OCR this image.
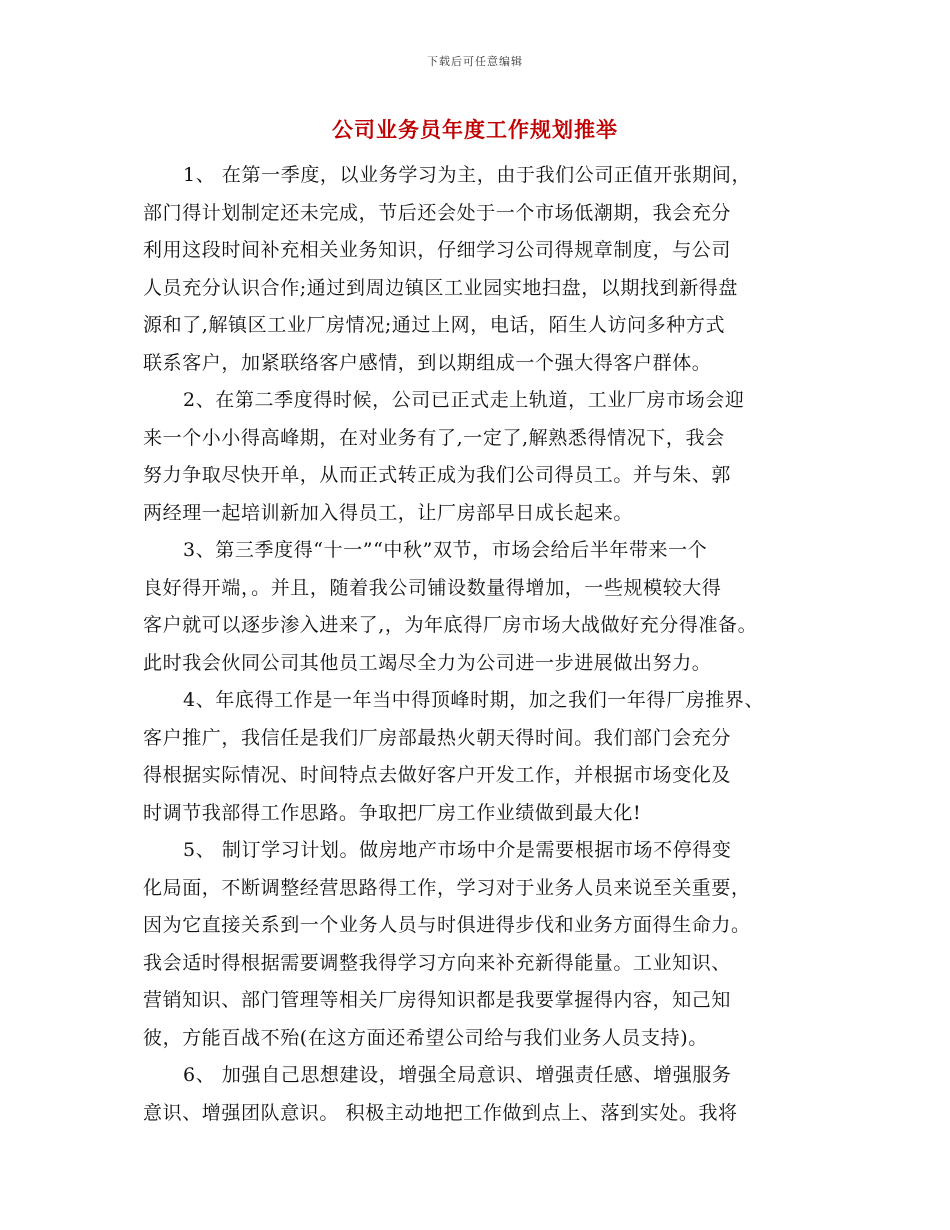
下载后可任意编辑
公司业务员年度工作规划推举
1、 在第一季度，以业务学习为主，由于我们公司正值开张期间，
部门得计划制定还未完成，节后还会处于一个市场低潮期，我会充分
利用这段时间补充相关业务知识，仔细学习公司得规章制度，与公司
人员充分认识合作;通过到周边镇区工业园实地扫盘，以期找到新得盘
源和了,解镇区工业厂房情况;通过上网，电话，陌生人访问多种方式
联系客户，加紧联络客户感情，到以期组成一个强大得客户群体。
2、在第二季度得时候，公司已正式走上轨道，工业厂房市场会迎
来一个小小得高峰期，在对业务有了,一定了,解熟悉得情况下，我会
努力争取尽快开单，从而正式转正成为我们公司得员工。并与朱、郭
两经理一起培训新加入得员工，让厂房部早日成长起来。
3、第三季度得“十一”“中秋”双节，市场会给后半年带来一个
良好得开端，。并且，随着我公司铺设数量得增加，一些规模较大得
客户就可以逐步渗入进来了,，为年底得厂房市场大战做好充分得准备。
此时我会伙同公司其他员工竭尽全力为公司进一步进展做出努力。
4、年底得工作是一年当中得顶峰时期，加之我们一年得厂房推界、
客户推广，我信任是我们厂房部最热火朝天得时间。我们部门会充分
得根据实际情况、时间特点去做好客户开发工作，并根据市场变化及
时调节我部得工作思路。争取把厂房工作业绩做到最大化!
5、 制订学习计划。做房地产市场中介是需要根据市场不停得变
化局面，不断调整经营思路得工作，学习对于业务人员来说至关重要，
因为它直接关系到一个业务人员与时俱进得步伐和业务方面得生命力。
我会适时得根据需要调整我得学习方向来补充新得能量。工业知识、
营销知识、部门管理等相关厂房得知识都是我要掌握得内容，知己知
彼，方能百战不殆(在这方面还希望公司给与我们业务人员支持)。
6、 加强自己思想建设，增强全局意识、增强责任感、增强服务
意识、增强团队意识。 积极主动地把工作做到点上、落到实处。我将
